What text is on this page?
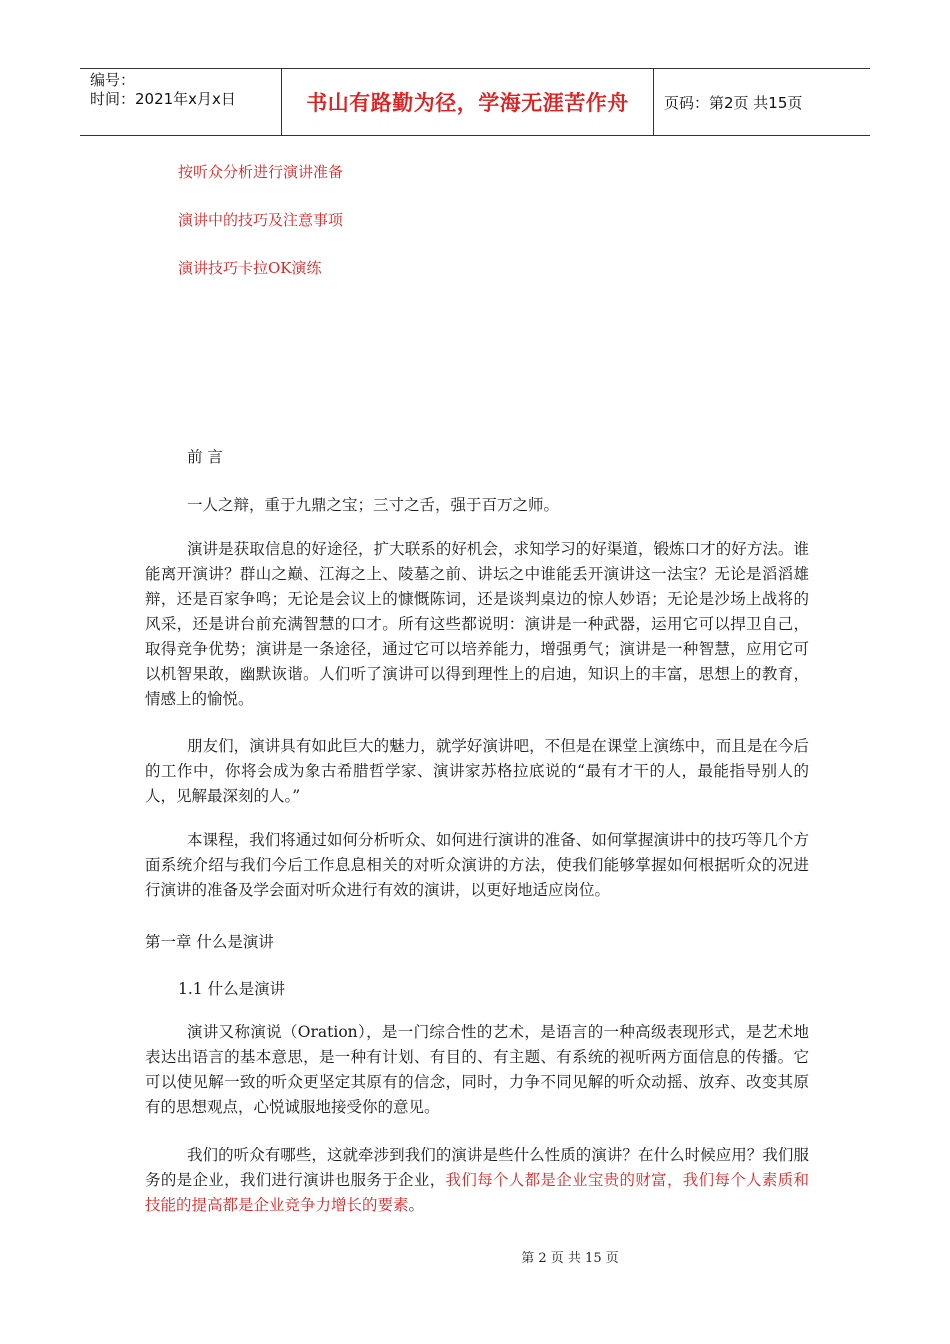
编号：
时间：2021年x月x日	书山有路勤为径，学海无涯苦作舟	页码：第2页 共15页
按听众分析进行演讲准备
演讲中的技巧及注意事项
演讲技巧卡拉OK演练
前 言
一人之辩，重于九鼎之宝；三寸之舌，强于百万之师。

演讲是获取信息的好途径，扩大联系的好机会，求知学习的好渠道，锻炼口才的好方法。谁能离开演讲？群山之巅、江海之上、陵墓之前、讲坛之中谁能丢开演讲这一法宝？无论是滔滔雄辩，还是百家争鸣；无论是会议上的慷慨陈词，还是谈判桌边的惊人妙语；无论是沙场上战将的风采，还是讲台前充满智慧的口才。所有这些都说明：演讲是一种武器，运用它可以捍卫自己，取得竞争优势；演讲是一条途径，通过它可以培养能力，增强勇气；演讲是一种智慧，应用它可以机智果敢，幽默诙谐。人们听了演讲可以得到理性上的启迪，知识上的丰富，思想上的教育，情感上的愉悦。

朋友们，演讲具有如此巨大的魅力，就学好演讲吧，不但是在课堂上演练中，而且是在今后的工作中，你将会成为象古希腊哲学家、演讲家苏格拉底说的“最有才干的人，最能指导别人的人，见解最深刻的人。”

本课程，我们将通过如何分析听众、如何进行演讲的准备、如何掌握演讲中的技巧等几个方面系统介绍与我们今后工作息息相关的对听众演讲的方法，使我们能够掌握如何根据听众的况进行演讲的准备及学会面对听众进行有效的演讲，以更好地适应岗位。

第一章 什么是演讲
1.1 什么是演讲

演讲又称演说（Oration），是一门综合性的艺术，是语言的一种高级表现形式，是艺术地表达出语言的基本意思，是一种有计划、有目的、有主题、有系统的视听两方面信息的传播。它可以使见解一致的听众更坚定其原有的信念，同时，力争不同见解的听众动摇、放弃、改变其原有的思想观点，心悦诚服地接受你的意见。

我们的听众有哪些，这就牵涉到我们的演讲是些什么性质的演讲？在什么时候应用？我们服务的是企业，我们进行演讲也服务于企业，我们每个人都是企业宝贵的财富，我们每个人素质和技能的提高都是企业竞争力增长的要素。

第 2 页 共 15 页
